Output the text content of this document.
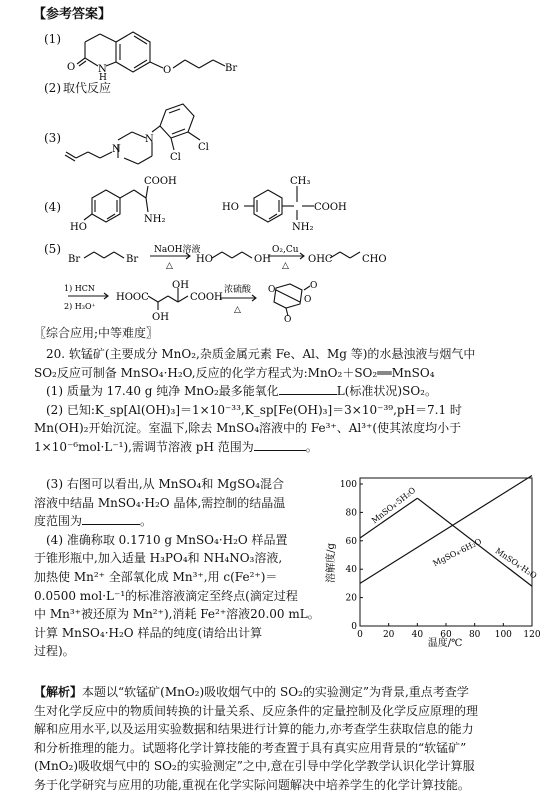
【参考答案】
(1)
O N
H
O	Br
(2) 取代反应
(3)	N
N
Cl
Cl
(4)
COOH
NH₂
HO
CH₃
COOH
NH₂
HO
(5)
Br	Br
NaOH溶液
△
HO	OH
O₂,Cu
△
OHC	CHO
1) HCN
2) H₃O⁺
HOOC	COOH
OH
OH	浓硫酸
△
O
O
O
O
〖综合应用;中等难度〗
　20. 软锰矿(主要成分 MnO₂,杂质金属元素 Fe、Al、Mg 等)的水悬浊液与烟气中
SO₂反应可制备 MnSO₄·H₂O,反应的化学方程式为:MnO₂＋SO₂══MnSO₄
　(1) 质量为 17.40 g 纯净 MnO₂最多能氧化	L(标准状况)SO₂。
　(2) 已知:K_sp[Al(OH)₃]＝1×10⁻³³,K_sp[Fe(OH)₃]＝3×10⁻³⁹,pH＝7.1 时
Mn(OH)₂开始沉淀。室温下,除去 MnSO₄溶液中的 Fe³⁺、Al³⁺(使其浓度均小于
1×10⁻⁶mol·L⁻¹),需调节溶液 pH 范围为	。
　(3) 右图可以看出,从 MnSO₄和 MgSO₄混合
溶液中结晶 MnSO₄·H₂O 晶体,需控制的结晶温
度范围为	。
　(4) 准确称取 0.1710 g MnSO₄·H₂O 样品置
于锥形瓶中,加入适量 H₃PO₄和 NH₄NO₃溶液,
加热使 Mn²⁺ 全部氧化成 Mn³⁺,用 c(Fe²⁺)＝
0.0500 mol·L⁻¹的标准溶液滴定至终点(滴定过程
中 Mn³⁺被还原为 Mn²⁺),消耗 Fe²⁺溶液20.00 mL。
计算 MnSO₄·H₂O 样品的纯度(请给出计算
过程)。
溶解度/g
温度/℃
0 20 40 60 80 100 120
0
20
40
60
80
100
MnSO₄·5H₂O
MgSO₄·6H₂O MnSO₄·H₂O
【解析】本题以“软锰矿(MnO₂)吸收烟气中的 SO₂的实验测定”为背景,重点考查学
生对化学反应中的物质间转换的计量关系、反应条件的定量控制及化学反应原理的理
解和应用水平,以及运用实验数据和结果进行计算的能力,亦考查学生获取信息的能力
和分析推理的能力。试题将化学计算技能的考查置于具有真实应用背景的“软锰矿”
(MnO₂)吸收烟气中的 SO₂的实验测定”之中,意在引导中学化学教学认识化学计算服
务于化学研究与应用的功能,重视在化学实际问题解决中培养学生的化学计算技能。
